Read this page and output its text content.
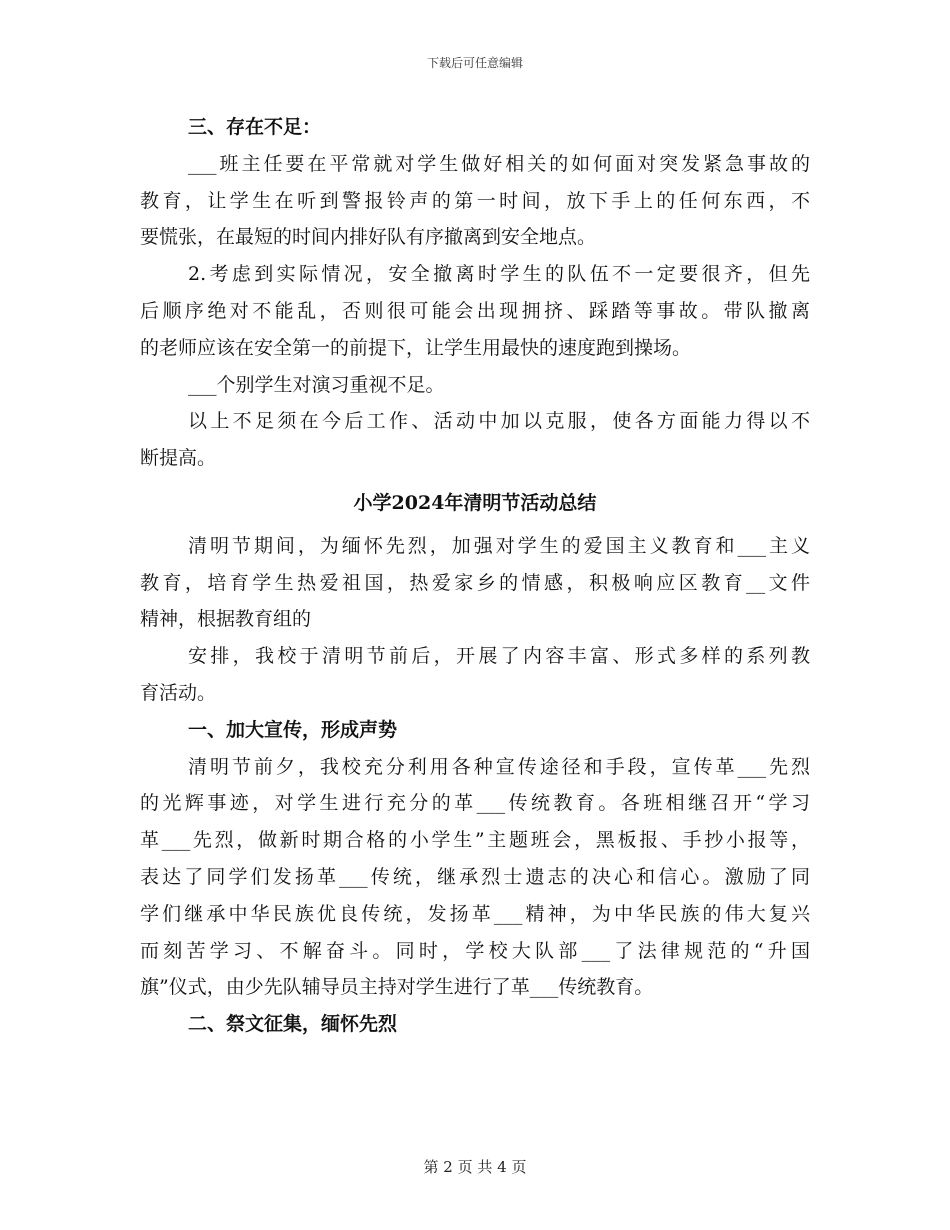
下载后可任意编辑
三、存在不足：
___班主任要在平常就对学生做好相关的如何面对突发紧急事故的
教育，让学生在听到警报铃声的第一时间，放下手上的任何东西，不
要慌张，在最短的时间内排好队有序撤离到安全地点。
2.考虑到实际情况，安全撤离时学生的队伍不一定要很齐，但先
后顺序绝对不能乱，否则很可能会出现拥挤、踩踏等事故。带队撤离
的老师应该在安全第一的前提下，让学生用最快的速度跑到操场。
___个别学生对演习重视不足。
以上不足须在今后工作、活动中加以克服，使各方面能力得以不
断提高。
小学2024年清明节活动总结
清明节期间，为缅怀先烈，加强对学生的爱国主义教育和___主义
教育，培育学生热爱祖国，热爱家乡的情感，积极响应区教育__文件
精神，根据教育组的
安排，我校于清明节前后，开展了内容丰富、形式多样的系列教
育活动。
一、加大宣传，形成声势
清明节前夕，我校充分利用各种宣传途径和手段，宣传革___先烈
的光辉事迹，对学生进行充分的革___传统教育。各班相继召开“学习
革___先烈，做新时期合格的小学生”主题班会，黑板报、手抄小报等，
表达了同学们发扬革___传统，继承烈士遗志的决心和信心。激励了同
学们继承中华民族优良传统，发扬革___精神，为中华民族的伟大复兴
而刻苦学习、不解奋斗。同时，学校大队部___了法律规范的“升国
旗”仪式，由少先队辅导员主持对学生进行了革___传统教育。
二、祭文征集，缅怀先烈
第 2 页 共 4 页
